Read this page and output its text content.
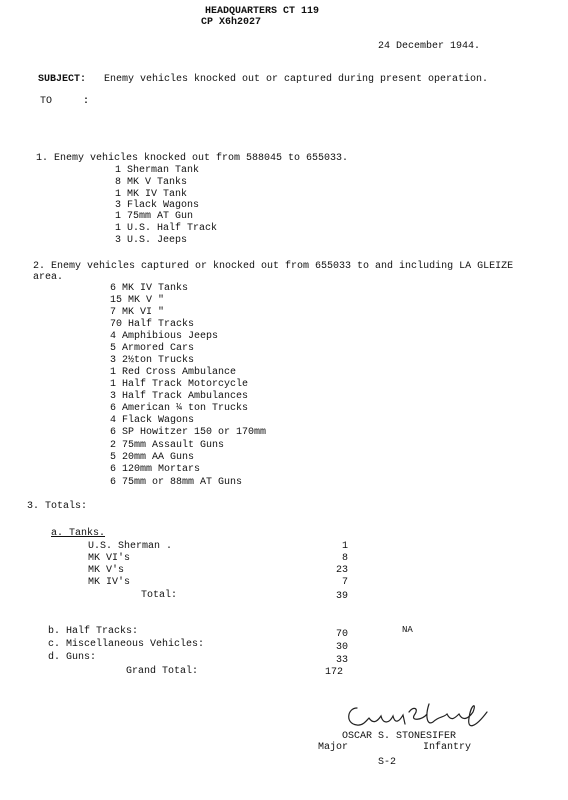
HEADQUARTERS CT 119
CP X6h2027
24 December 1944.
SUBJECT: Enemy vehicles knocked out or captured during present operation.
TO	:
1. Enemy vehicles knocked out from 588045 to 655033.
1 Sherman Tank
8 MK V Tanks
1 MK IV Tank
3 Flack Wagons
1 75mm AT Gun
1 U.S. Half Track
3 U.S. Jeeps
2. Enemy vehicles captured or knocked out from 655033 to and including LA GLEIZE
area.
6 MK IV Tanks
15 MK V "
7 MK VI "
70 Half Tracks
4 Amphibious Jeeps
5 Armored Cars
3 2½ton Trucks
1 Red Cross Ambulance
1 Half Track Motorcycle
3 Half Track Ambulances
6 American ¼ ton Trucks
4 Flack Wagons
6 SP Howitzer 150 or 170mm
2 75mm Assault Guns
5 20mm AA Guns
6 120mm Mortars
6 75mm or 88mm AT Guns
3. Totals:
a. Tanks.
U.S. Sherman .	1
MK VI's	8
MK V's	23
MK IV's	7
Total:	39
b. Half Tracks:	70
c. Miscellaneous Vehicles:	30
d. Guns:	33
Grand Total:	172
NA
OSCAR S. STONESIFER
Major	Infantry
S-2
